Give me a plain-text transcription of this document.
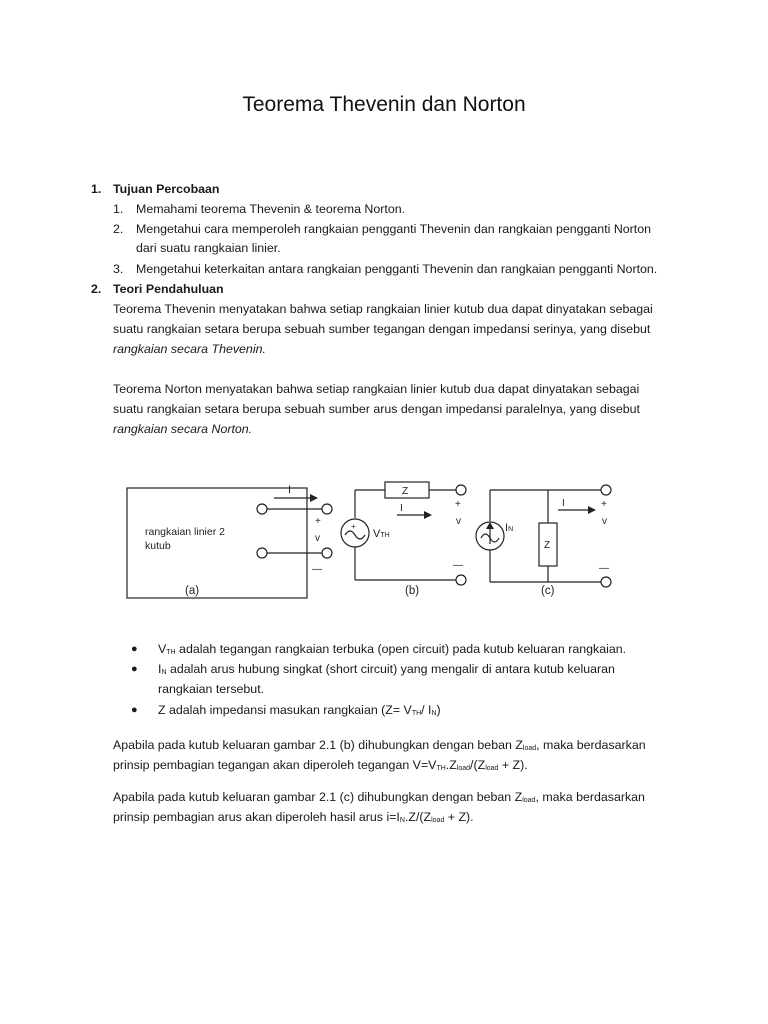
Teorema Thevenin dan Norton
1. Tujuan Percobaan
1. Memahami teorema Thevenin & teorema Norton.
2. Mengetahui cara memperoleh rangkaian pengganti Thevenin dan rangkaian pengganti Norton
dari suatu rangkaian linier.
3. Mengetahui keterkaitan antara rangkaian pengganti Thevenin dan rangkaian pengganti Norton.
2. Teori Pendahuluan
Teorema Thevenin menyatakan bahwa setiap rangkaian linier kutub dua dapat dinyatakan sebagai
suatu rangkaian setara berupa sebuah sumber tegangan dengan impedansi serinya, yang disebut
rangkaian secara Thevenin.
Teorema Norton menyatakan bahwa setiap rangkaian linier kutub dua dapat dinyatakan sebagai
suatu rangkaian setara berupa sebuah sumber arus dengan impedansi paralelnya, yang disebut
rangkaian secara Norton.
rangkaian linier 2
kutub
I
+
v
—
(a)
Z
I
+
VTH
+
v
—
(b)
I
IN
Z
+
v
—
(c)
● VTH adalah tegangan rangkaian terbuka (open circuit) pada kutub keluaran rangkaian.
● IN adalah arus hubung singkat (short circuit) yang mengalir di antara kutub keluaran
rangkaian tersebut.
● Z adalah impedansi masukan rangkaian (Z= VTH/ IN)
Apabila pada kutub keluaran gambar 2.1 (b) dihubungkan dengan beban Zload, maka berdasarkan
prinsip pembagian tegangan akan diperoleh tegangan V=VTH.Zload/(Zload + Z).
Apabila pada kutub keluaran gambar 2.1 (c) dihubungkan dengan beban Zload, maka berdasarkan
prinsip pembagian arus akan diperoleh hasil arus i=IN.Z/(Zload + Z).
